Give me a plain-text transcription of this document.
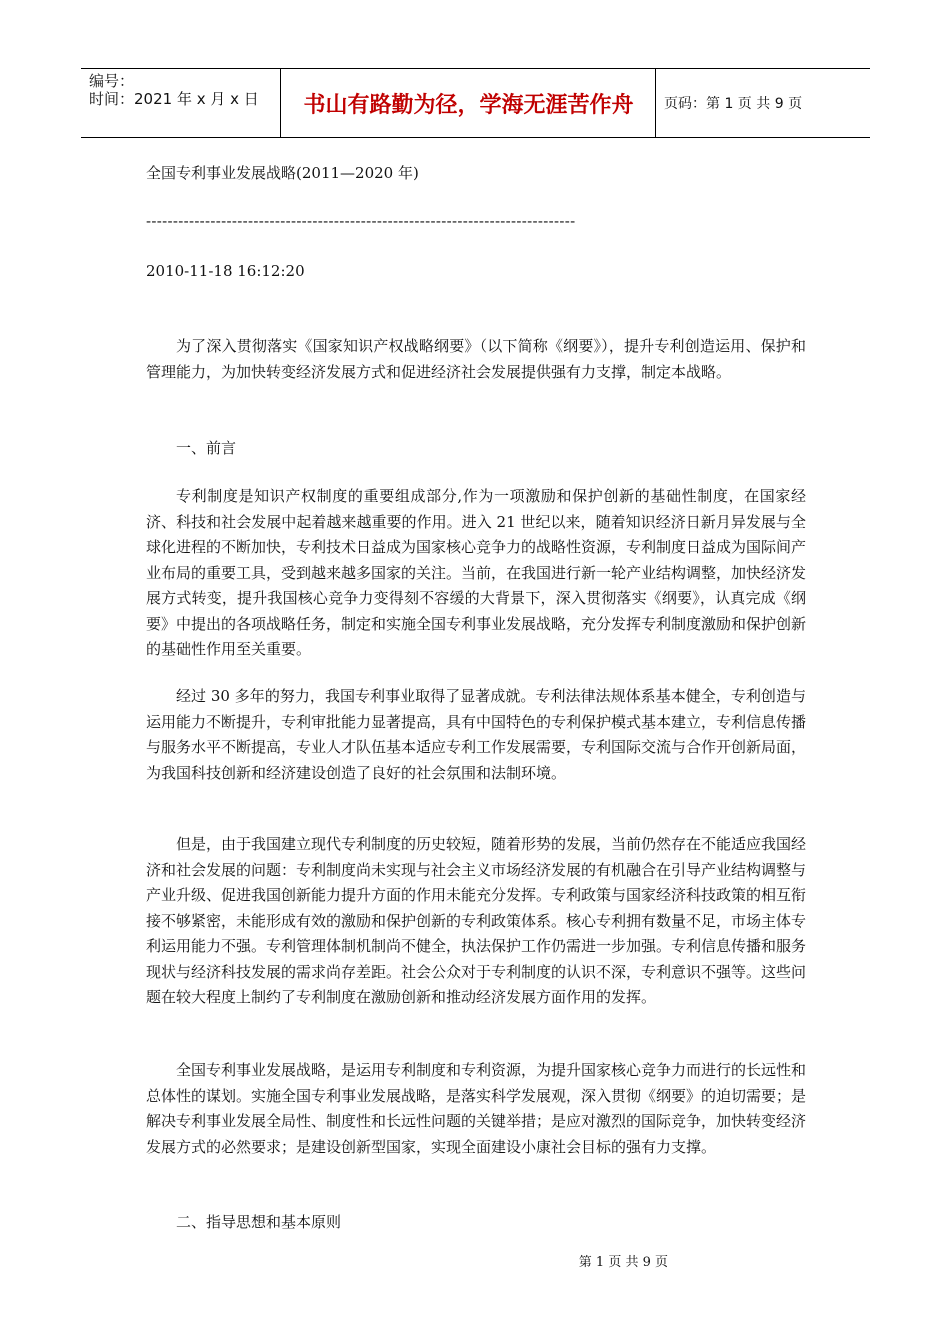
编号：
时间：2021 年 x 月 x 日	书山有路勤为径，学海无涯苦作舟	页码：第 1 页 共 9 页
全国专利事业发展战略(2011—2020 年)
--------------------------------------------------------------------------------
2010-11-18 16:12:20
为了深入贯彻落实《国家知识产权战略纲要》（以下简称《纲要》），提升专利创造运用、保护和管理能力，为加快转变经济发展方式和促进经济社会发展提供强有力支撑，制定本战略。
一、前言
专利制度是知识产权制度的重要组成部分,作为一项激励和保护创新的基础性制度，在国家经济、科技和社会发展中起着越来越重要的作用。进入 21 世纪以来，随着知识经济日新月异发展与全球化进程的不断加快，专利技术日益成为国家核心竞争力的战略性资源，专利制度日益成为国际间产业布局的重要工具，受到越来越多国家的关注。当前，在我国进行新一轮产业结构调整，加快经济发展方式转变，提升我国核心竞争力变得刻不容缓的大背景下，深入贯彻落实《纲要》，认真完成《纲要》中提出的各项战略任务，制定和实施全国专利事业发展战略，充分发挥专利制度激励和保护创新的基础性作用至关重要。
经过 30 多年的努力，我国专利事业取得了显著成就。专利法律法规体系基本健全，专利创造与运用能力不断提升，专利审批能力显著提高，具有中国特色的专利保护模式基本建立，专利信息传播与服务水平不断提高，专业人才队伍基本适应专利工作发展需要，专利国际交流与合作开创新局面，为我国科技创新和经济建设创造了良好的社会氛围和法制环境。
但是，由于我国建立现代专利制度的历史较短，随着形势的发展，当前仍然存在不能适应我国经济和社会发展的问题：专利制度尚未实现与社会主义市场经济发展的有机融合在引导产业结构调整与产业升级、促进我国创新能力提升方面的作用未能充分发挥。专利政策与国家经济科技政策的相互衔接不够紧密，未能形成有效的激励和保护创新的专利政策体系。核心专利拥有数量不足，市场主体专利运用能力不强。专利管理体制机制尚不健全，执法保护工作仍需进一步加强。专利信息传播和服务现状与经济科技发展的需求尚存差距。社会公众对于专利制度的认识不深，专利意识不强等。这些问题在较大程度上制约了专利制度在激励创新和推动经济发展方面作用的发挥。
全国专利事业发展战略，是运用专利制度和专利资源，为提升国家核心竞争力而进行的长远性和总体性的谋划。实施全国专利事业发展战略，是落实科学发展观，深入贯彻《纲要》的迫切需要；是解决专利事业发展全局性、制度性和长远性问题的关键举措；是应对激烈的国际竞争，加快转变经济发展方式的必然要求；是建设创新型国家，实现全面建设小康社会目标的强有力支撑。
二、指导思想和基本原则
第 1 页 共 9 页
